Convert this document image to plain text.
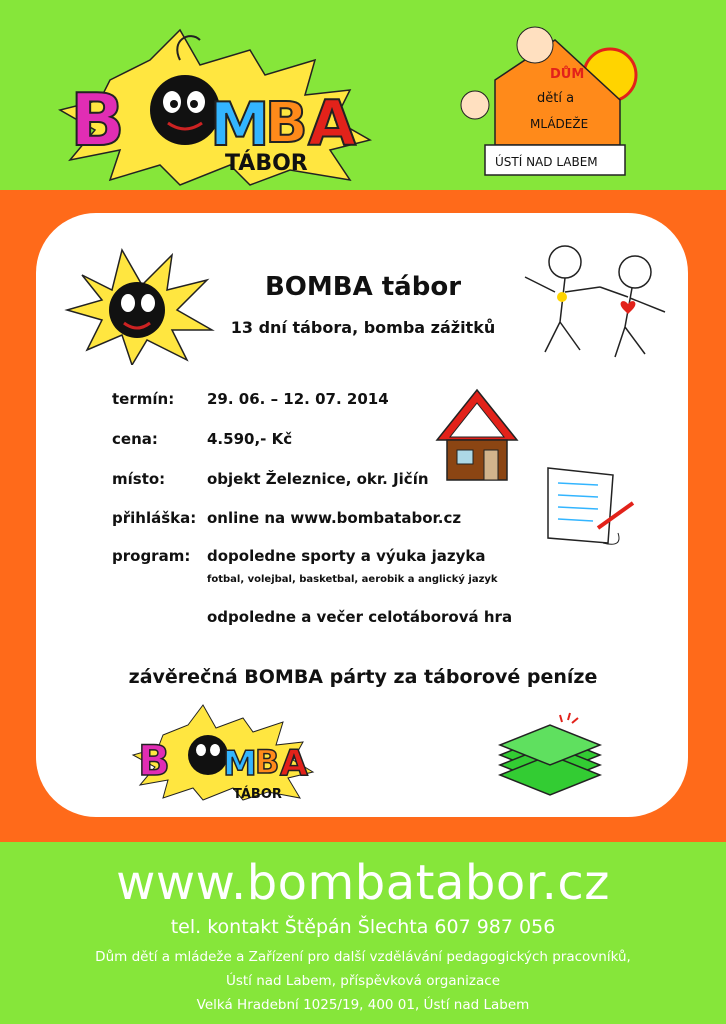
B M
B A
TÁBOR
DŮM
dětí a
MLÁDEŽE
ÚSTÍ NAD LABEM
BOMBA tábor
13 dní tábora, bomba zážitků
termín: 29. 06. – 12. 07. 2014
cena:	4.590,- Kč
místo:	objekt Železnice, okr. Jičín
přihláška: online na www.bombatabor.cz
program: dopoledne sporty a výuka jazyka
fotbal, volejbal, basketbal, aerobik a anglický jazyk
odpoledne a večer celotáborová hra
závěrečná BOMBA párty za táborové peníze
B M
B A
TÁBOR
www.bombatabor.cz
tel. kontakt Štěpán Šlechta 607 987 056
Dům dětí a mládeže a Zařízení pro další vzdělávání pedagogických pracovníků,
Ústí nad Labem, příspěvková organizace
Velká Hradební 1025/19, 400 01, Ústí nad Labem
